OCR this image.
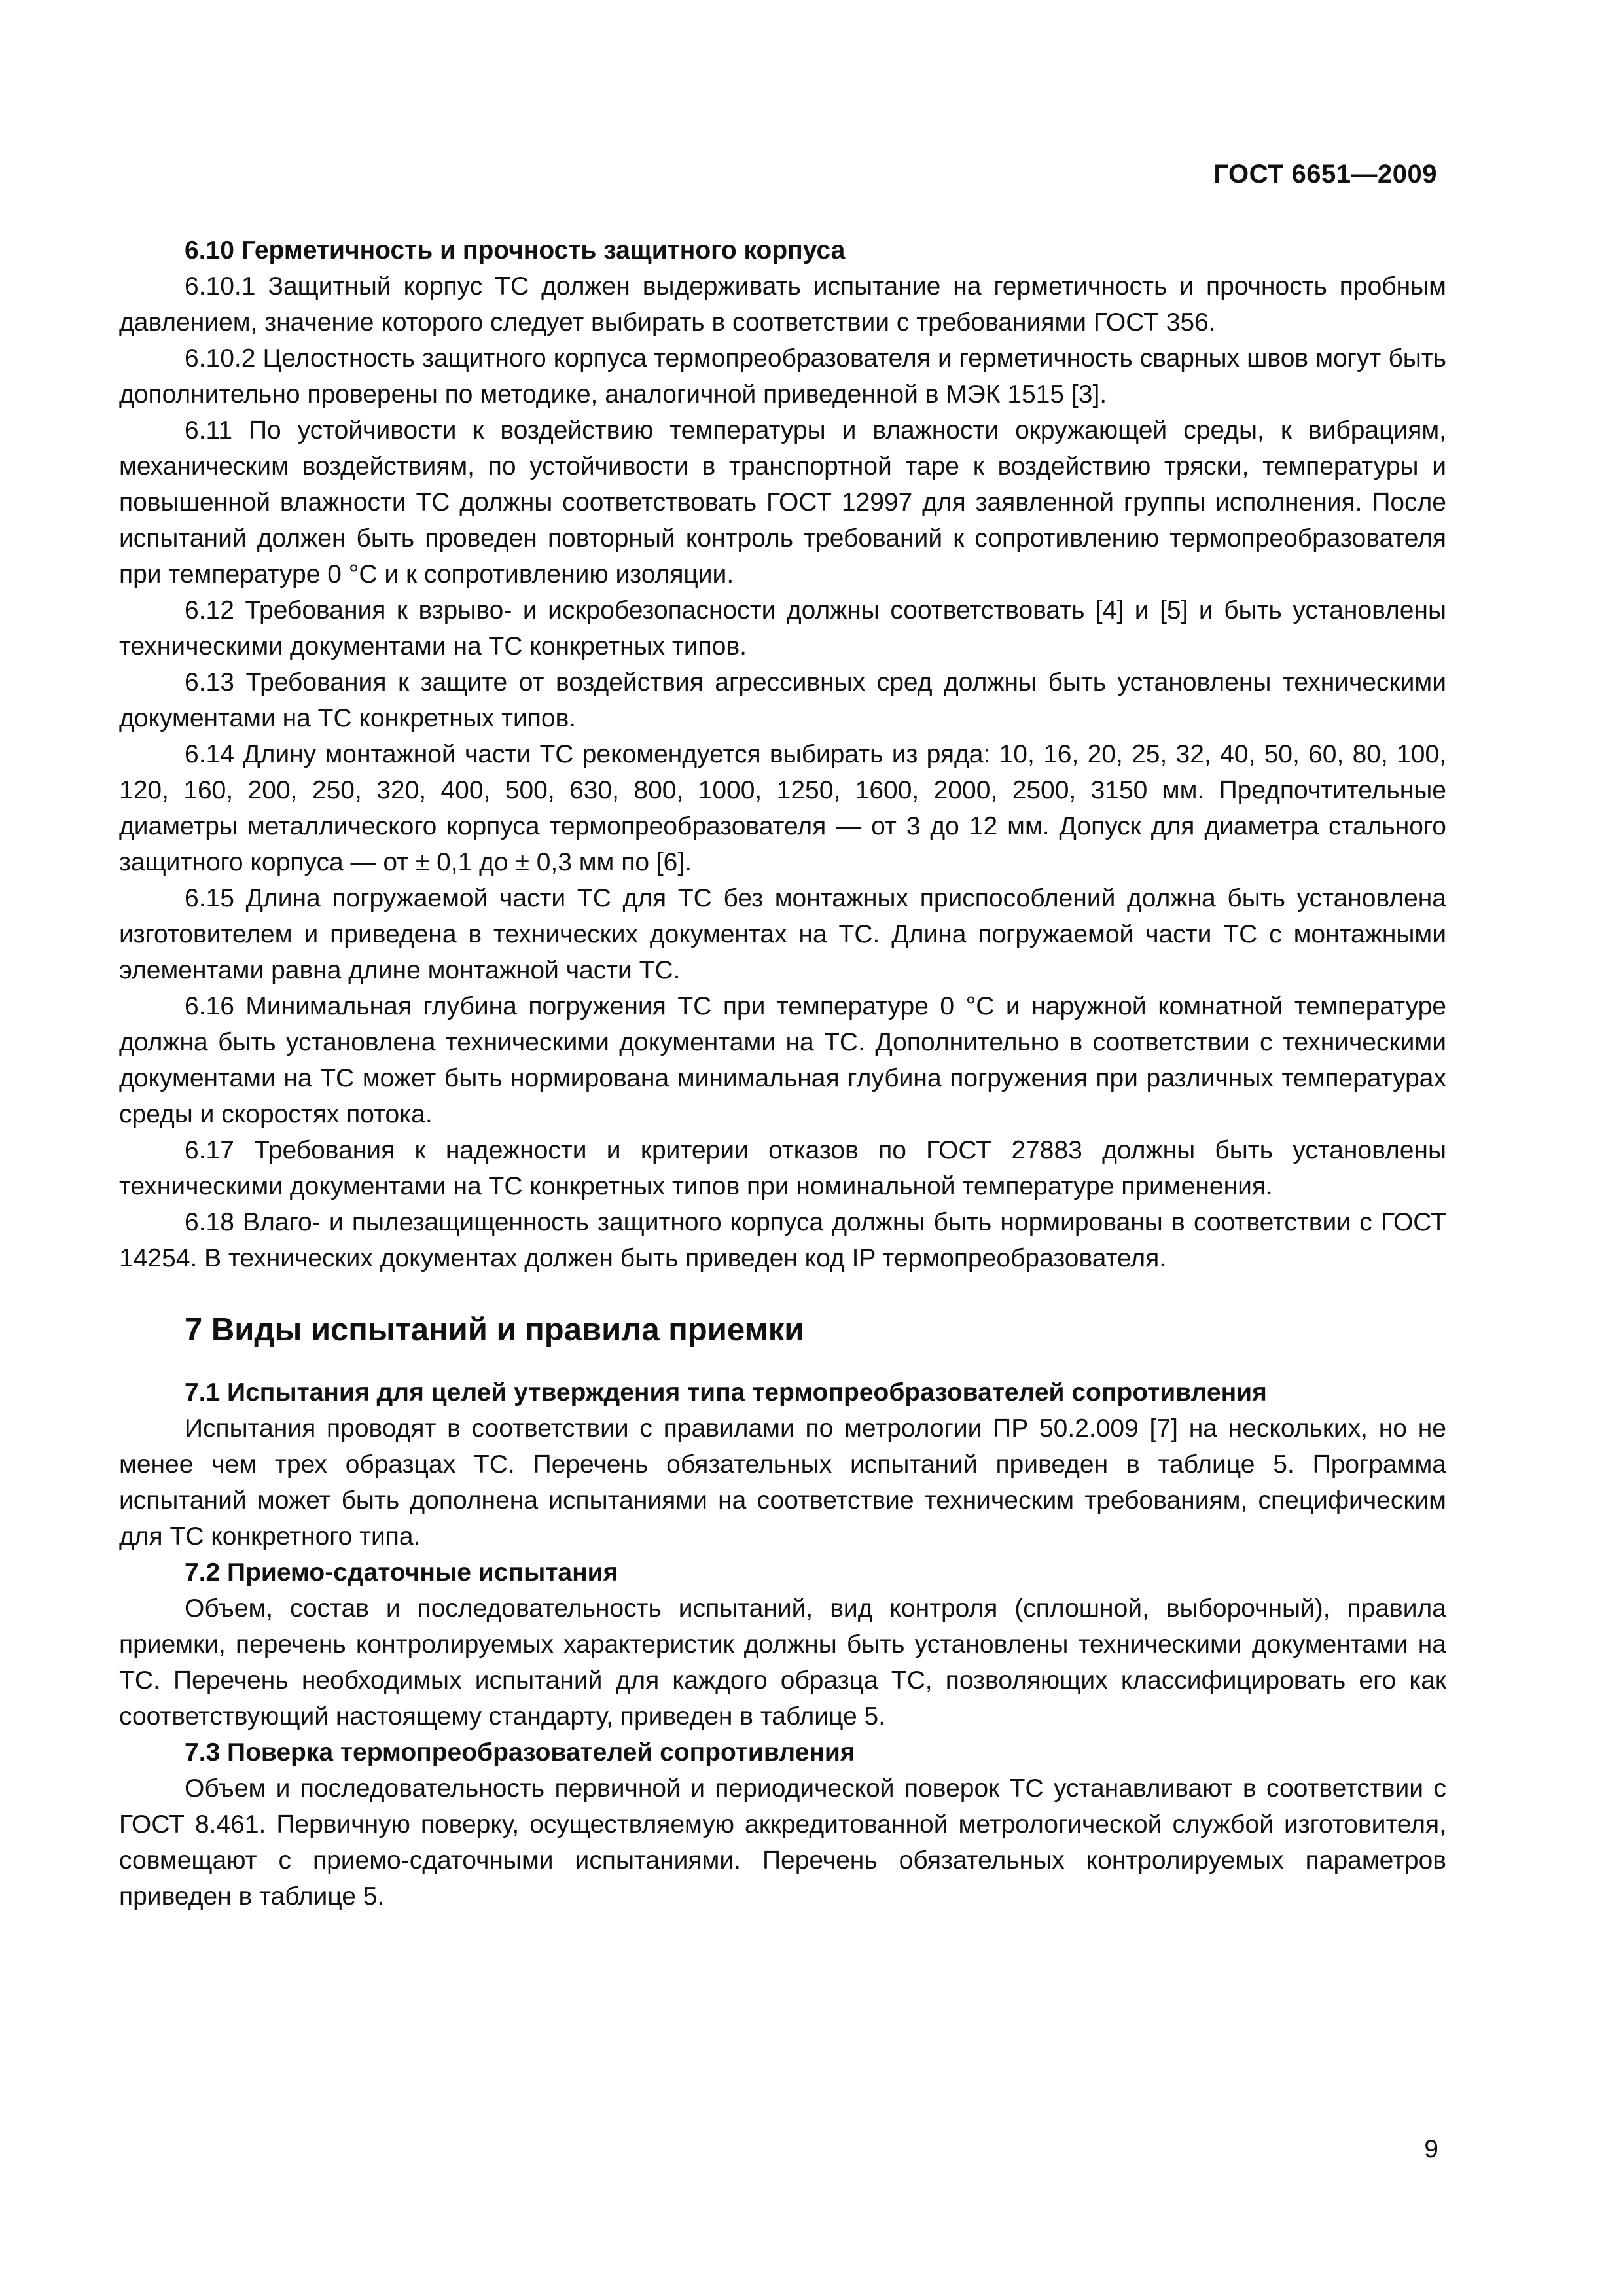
ГОСТ 6651—2009
6.10 Герметичность и прочность защитного корпуса

6.10.1 Защитный корпус ТС должен выдерживать испытание на герметичность и прочность пробным давлением, значение которого следует выбирать в соответствии с требованиями ГОСТ 356.

6.10.2 Целостность защитного корпуса термопреобразователя и герметичность сварных швов могут быть дополнительно проверены по методике, аналогичной приведенной в МЭК 1515 [3].

6.11 По устойчивости к воздействию температуры и влажности окружающей среды, к вибрациям, механическим воздействиям, по устойчивости в транспортной таре к воздействию тряски, температуры и повышенной влажности ТС должны соответствовать ГОСТ 12997 для заявленной группы исполнения. После испытаний должен быть проведен повторный контроль требований к сопротивлению термопреобразователя при температуре 0 °С и к сопротивлению изоляции.

6.12 Требования к взрыво- и искробезопасности должны соответствовать [4] и [5] и быть установлены техническими документами на ТС конкретных типов.

6.13 Требования к защите от воздействия агрессивных сред должны быть установлены техническими документами на ТС конкретных типов.

6.14 Длину монтажной части ТС рекомендуется выбирать из ряда: 10, 16, 20, 25, 32, 40, 50, 60, 80, 100, 120, 160, 200, 250, 320, 400, 500, 630, 800, 1000, 1250, 1600, 2000, 2500, 3150 мм. Предпочтительные диаметры металлического корпуса термопреобразователя — от 3 до 12 мм. Допуск для диаметра стального защитного корпуса — от ± 0,1 до ± 0,3 мм по [6].

6.15 Длина погружаемой части ТС для ТС без монтажных приспособлений должна быть установлена изготовителем и приведена в технических документах на ТС. Длина погружаемой части ТС с монтажными элементами равна длине монтажной части ТС.

6.16 Минимальная глубина погружения ТС при температуре 0 °С и наружной комнатной температуре должна быть установлена техническими документами на ТС. Дополнительно в соответствии с техническими документами на ТС может быть нормирована минимальная глубина погружения при различных температурах среды и скоростях потока.

6.17 Требования к надежности и критерии отказов по ГОСТ 27883 должны быть установлены техническими документами на ТС конкретных типов при номинальной температуре применения.

6.18 Влаго- и пылезащищенность защитного корпуса должны быть нормированы в соответствии с ГОСТ 14254. В технических документах должен быть приведен код IP термопреобразователя.

7 Виды испытаний и правила приемки
7.1 Испытания для целей утверждения типа термопреобразователей сопротивления

Испытания проводят в соответствии с правилами по метрологии ПР 50.2.009 [7] на нескольких, но не менее чем трех образцах ТС. Перечень обязательных испытаний приведен в таблице 5. Программа испытаний может быть дополнена испытаниями на соответствие техническим требованиям, специфическим для ТС конкретного типа.

7.2 Приемо-сдаточные испытания

Объем, состав и последовательность испытаний, вид контроля (сплошной, выборочный), правила приемки, перечень контролируемых характеристик должны быть установлены техническими документами на ТС. Перечень необходимых испытаний для каждого образца ТС, позволяющих классифицировать его как соответствующий настоящему стандарту, приведен в таблице 5.

7.3 Поверка термопреобразователей сопротивления

Объем и последовательность первичной и периодической поверок ТС устанавливают в соответствии с ГОСТ 8.461. Первичную поверку, осуществляемую аккредитованной метрологической службой изготовителя, совмещают с приемо-сдаточными испытаниями. Перечень обязательных контролируемых параметров приведен в таблице 5.

9
